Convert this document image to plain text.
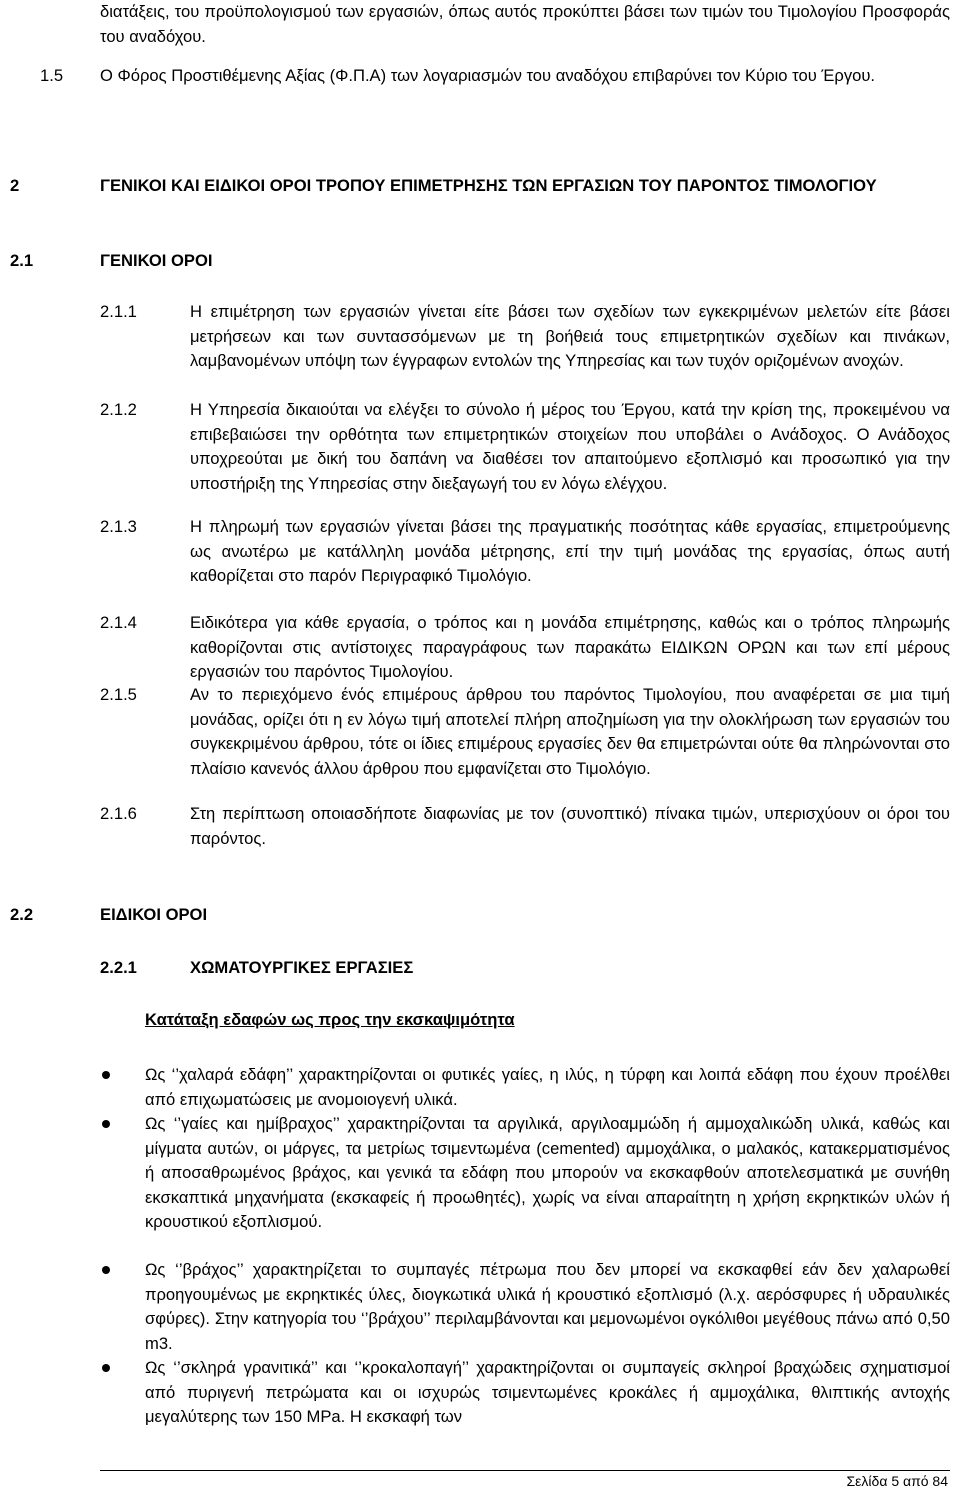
διατάξεις, του προϋπολογισμού των εργασιών, όπως αυτός προκύπτει βάσει των τιμών του Τιμολογίου Προσφοράς του αναδόχου.
1.5 Ο Φόρος Προστιθέμενης Αξίας (Φ.Π.Α) των λογαριασμών του αναδόχου επιβαρύνει τον Κύριο του Έργου.
2	ΓΕΝΙΚΟΙ ΚΑΙ ΕΙΔΙΚΟΙ ΟΡΟΙ ΤΡΟΠΟΥ ΕΠΙΜΕΤΡΗΣΗΣ ΤΩΝ ΕΡΓΑΣΙΩΝ ΤΟΥ ΠΑΡΟΝΤΟΣ ΤΙΜΟΛΟΓΙΟΥ
2.1	ΓΕΝΙΚΟΙ ΟΡΟΙ
2.1.1	Η επιμέτρηση των εργασιών γίνεται είτε βάσει των σχεδίων των εγκεκριμένων μελετών είτε βάσει μετρήσεων και των συντασσόμενων με τη βοήθειά τους επιμετρητικών σχεδίων και πινάκων, λαμβανομένων υπόψη των έγγραφων εντολών της Υπηρεσίας και των τυχόν οριζομένων ανοχών.
2.1.2	Η Υπηρεσία δικαιούται να ελέγξει το σύνολο ή μέρος του Έργου, κατά την κρίση της, προκειμένου να επιβεβαιώσει την ορθότητα των επιμετρητικών στοιχείων που υποβάλει ο Ανάδοχος. Ο Ανάδοχος υποχρεούται με δική του δαπάνη να διαθέσει τον απαιτούμενο εξοπλισμό και προσωπικό για την υποστήριξη της Υπηρεσίας στην διεξαγωγή του εν λόγω ελέγχου.
2.1.3	Η πληρωμή των εργασιών γίνεται βάσει της πραγματικής ποσότητας κάθε εργασίας, επιμετρούμενης ως ανωτέρω με κατάλληλη μονάδα μέτρησης, επί την τιμή μονάδας της εργασίας, όπως αυτή καθορίζεται στο παρόν Περιγραφικό Τιμολόγιο.
2.1.4	Ειδικότερα για κάθε εργασία, ο τρόπος και η μονάδα επιμέτρησης, καθώς και ο τρόπος πληρωμής καθορίζονται στις αντίστοιχες παραγράφους των παρακάτω ΕΙΔΙΚΩΝ ΟΡΩΝ και των επί μέρους εργασιών του παρόντος Τιμολογίου.
2.1.5	Αν το περιεχόμενο ένός επιμέρους άρθρου του παρόντος Τιμολογίου, που αναφέρεται σε μια τιμή μονάδας, ορίζει ότι η εν λόγω τιμή αποτελεί πλήρη αποζημίωση για την ολοκλήρωση των εργασιών του συγκεκριμένου άρθρου, τότε οι ίδιες επιμέρους εργασίες δεν θα επιμετρώνται ούτε θα πληρώνονται στο πλαίσιο κανενός άλλου άρθρου που εμφανίζεται στο Τιμολόγιο.
2.1.6	Στη περίπτωση οποιασδήποτε διαφωνίας με τον (συνοπτικό) πίνακα τιμών, υπερισχύουν οι όροι του παρόντος.
2.2	ΕΙΔΙΚΟΙ ΟΡΟΙ
2.2.1	ΧΩΜΑΤΟΥΡΓΙΚΕΣ ΕΡΓΑΣΙΕΣ
Κατάταξη εδαφών ως προς την εκσκαψιμότητα
Ως ‘’χαλαρά εδάφη’’ χαρακτηρίζονται οι φυτικές γαίες, η ιλύς, η τύρφη και λοιπά εδάφη που έχουν προέλθει από επιχωματώσεις με ανομοιογενή υλικά.
Ως ‘’γαίες και ημίβραχος’’ χαρακτηρίζονται τα αργιλικά, αργιλοαμμώδη ή αμμοχαλικώδη υλικά, καθώς και μίγματα αυτών, οι μάργες, τα μετρίως τσιμεντωμένα (cemented) αμμοχάλικα, ο μαλακός, κατακερματισμένος ή αποσαθρωμένος βράχος, και γενικά τα εδάφη που μπορούν να εκσκαφθούν αποτελεσματικά με συνήθη εκσκαπτικά μηχανήματα (εκσκαφείς ή προωθητές), χωρίς να είναι απαραίτητη η χρήση εκρηκτικών υλών ή κρουστικού εξοπλισμού.
Ως ‘’βράχος’’ χαρακτηρίζεται το συμπαγές πέτρωμα που δεν μπορεί να εκσκαφθεί εάν δεν χαλαρωθεί προηγουμένως με εκρηκτικές ύλες, διογκωτικά υλικά ή κρουστικό εξοπλισμό (λ.χ. αερόσφυρες ή υδραυλικές σφύρες). Στην κατηγορία του ‘’βράχου’’ περιλαμβάνονται και μεμονωμένοι ογκόλιθοι μεγέθους πάνω από 0,50 m3.
Ως ‘’σκληρά γρανιτικά’’ και ‘’κροκαλοπαγή’’ χαρακτηρίζονται οι συμπαγείς σκληροί βραχώδεις σχηματισμοί από πυριγενή πετρώματα και οι ισχυρώς τσιμεντωμένες κροκάλες ή αμμοχάλικα, θλιπτικής αντοχής μεγαλύτερης των 150 MPa. Η εκσκαφή των
Σελίδα 5 από 84
